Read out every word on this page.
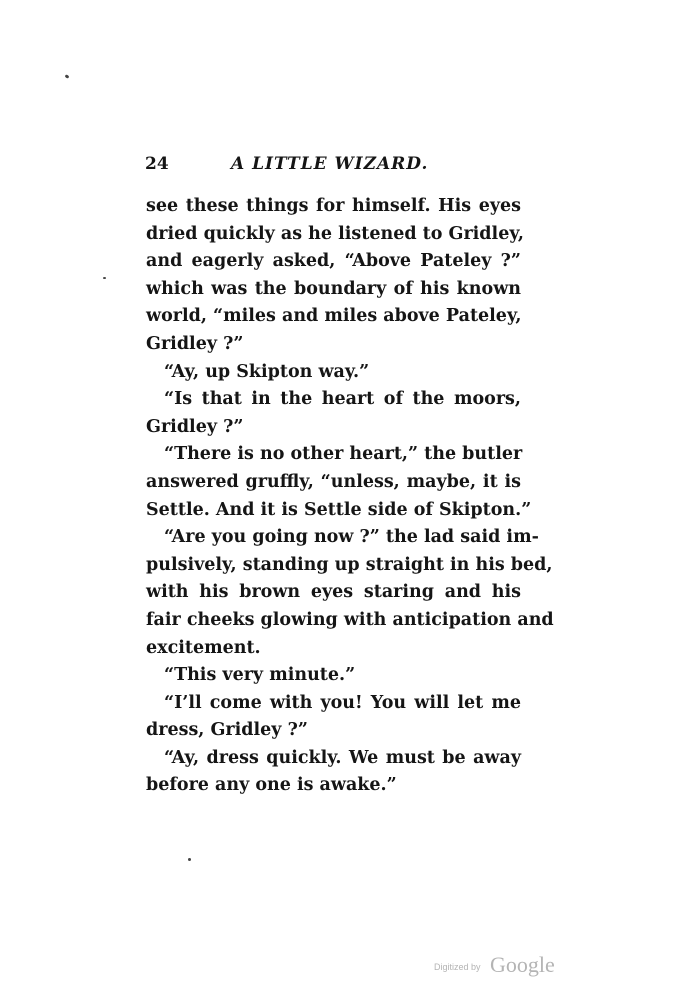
24	A LITTLE WIZARD.
see these things for himself. His eyes
dried quickly as he listened to Gridley,
and eagerly asked, “Above Pateley ?”
which was the boundary of his known
world, “miles and miles above Pateley,
Gridley ?”
“Ay, up Skipton way.”
“Is that in the heart of the moors,
Gridley ?”
“There is no other heart,” the butler
answered gruffly, “unless, maybe, it is
Settle. And it is Settle side of Skipton.”
“Are you going now ?” the lad said im-
pulsively, standing up straight in his bed,
with his brown eyes staring and his
fair cheeks glowing with anticipation and
excitement.
“This very minute.”
“I’ll come with you! You will let me
dress, Gridley ?”
“Ay, dress quickly. We must be away
before any one is awake.”
Digitized by Google
